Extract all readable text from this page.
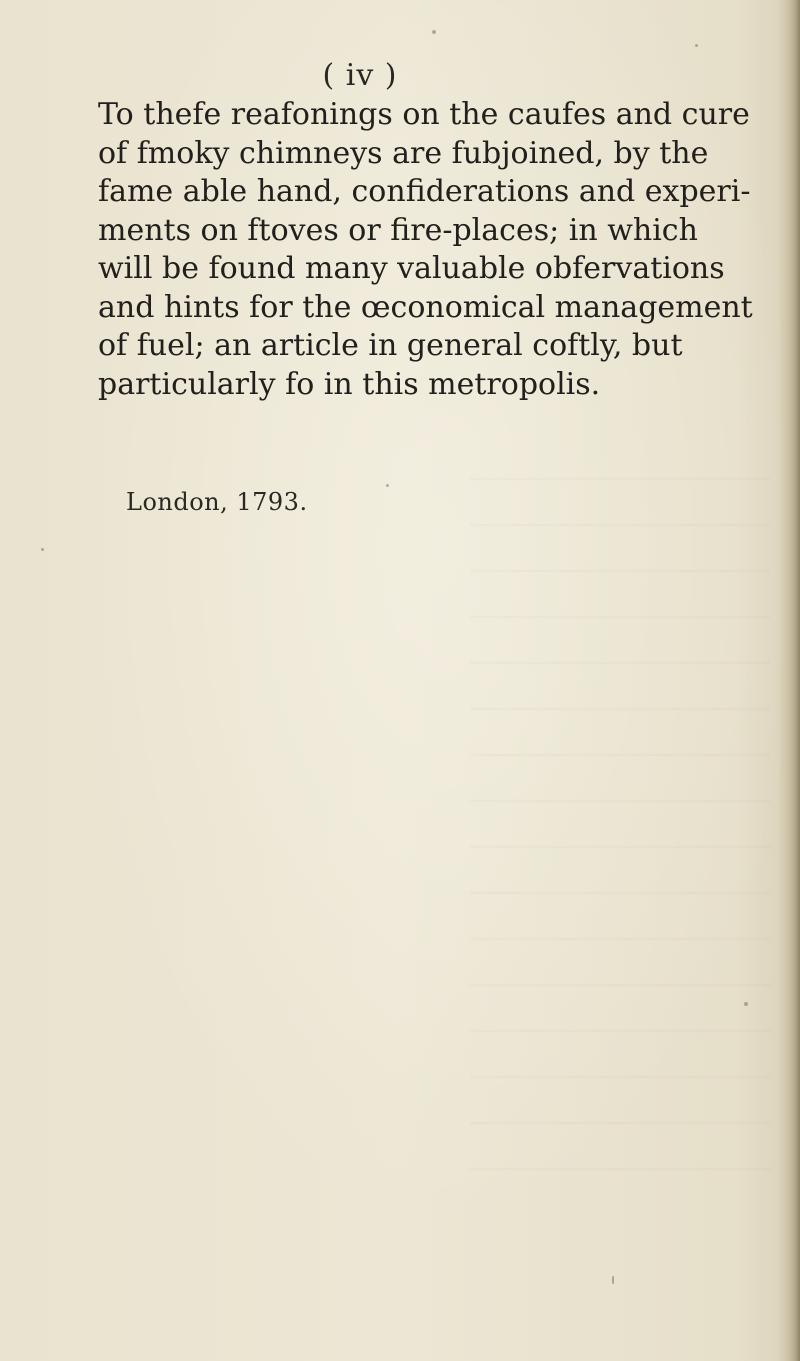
( iv )
To thefe reafonings on the caufes and cure
of fmoky chimneys are fubjoined, by the
fame able hand, confiderations and experi-
ments on ftoves or fire-places; in which
will be found many valuable obfervations
and hints for the œconomical management
of fuel; an article in general coftly, but
particularly fo in this metropolis.
London, 1793.
